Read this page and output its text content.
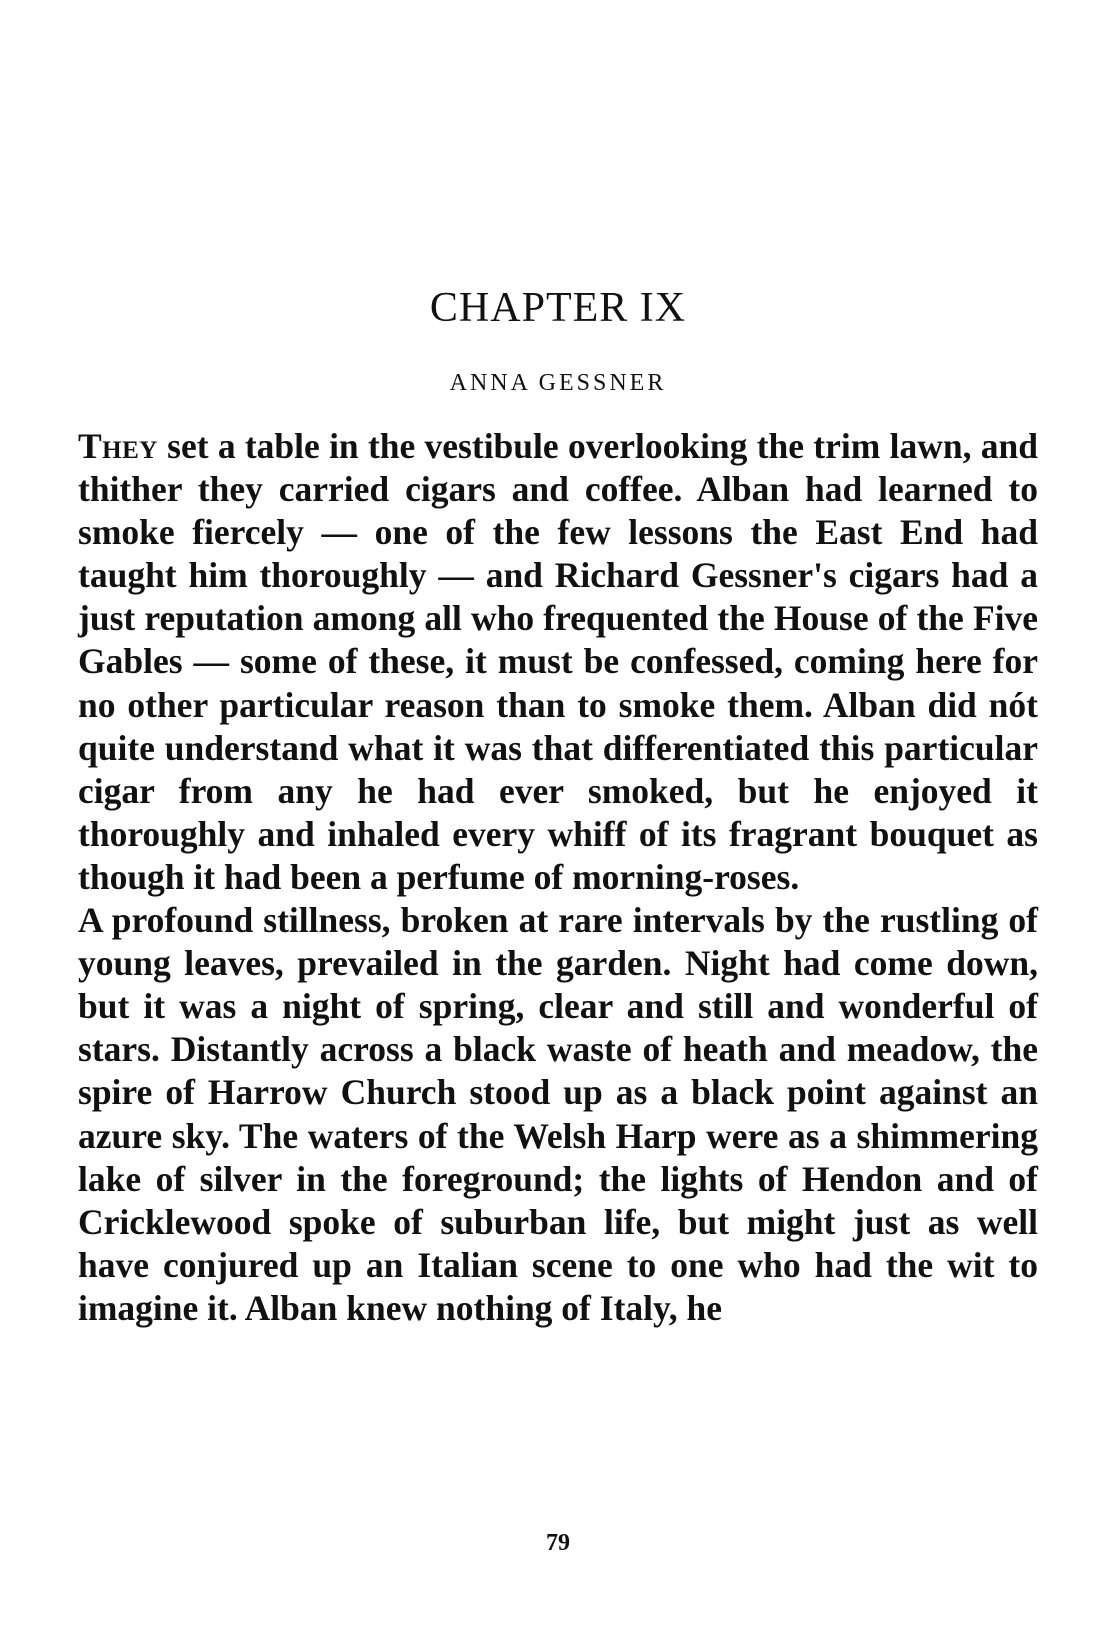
CHAPTER IX
ANNA GESSNER

They set a table in the vestibule overlooking the trim lawn, and thither they carried cigars and coffee. Alban had learned to smoke fiercely — one of the few lessons the East End had taught him thoroughly — and Richard Gessner's cigars had a just reputation among all who frequented the House of the Five Gables — some of these, it must be confessed, coming here for no other particular reason than to smoke them. Alban did nót quite understand what it was that differentiated this particular cigar from any he had ever smoked, but he enjoyed it thoroughly and inhaled every whiff of its fragrant bouquet as though it had been a perfume of morning-roses.

A profound stillness, broken at rare intervals by the rustling of young leaves, prevailed in the garden. Night had come down, but it was a night of spring, clear and still and wonderful of stars. Distantly across a black waste of heath and meadow, the spire of Harrow Church stood up as a black point against an azure sky. The waters of the Welsh Harp were as a shimmering lake of silver in the foreground; the lights of Hendon and of Cricklewood spoke of suburban life, but might just as well have conjured up an Italian scene to one who had the wit to imagine it. Alban knew nothing of Italy, he

79
